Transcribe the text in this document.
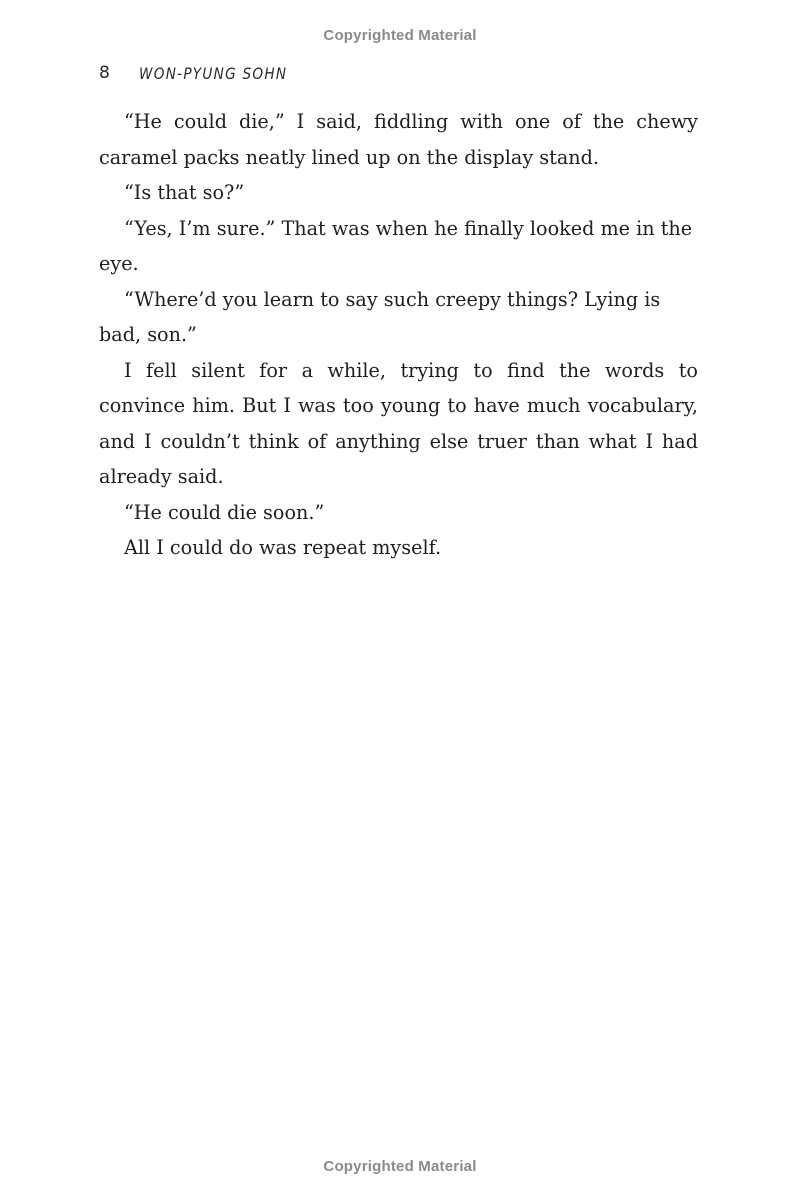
Copyrighted Material
8	WON-PYUNG SOHN

“He could die,” I said, fiddling with one of the chewy caramel packs neatly lined up on the display stand.

“Is that so?”

“Yes, I’m sure.” That was when he finally looked me in the eye.

“Where’d you learn to say such creepy things? Lying is bad, son.”

I fell silent for a while, trying to find the words to convince him. But I was too young to have much vocabulary, and I couldn’t think of anything else truer than what I had already said.

“He could die soon.”

All I could do was repeat myself.

Copyrighted Material
